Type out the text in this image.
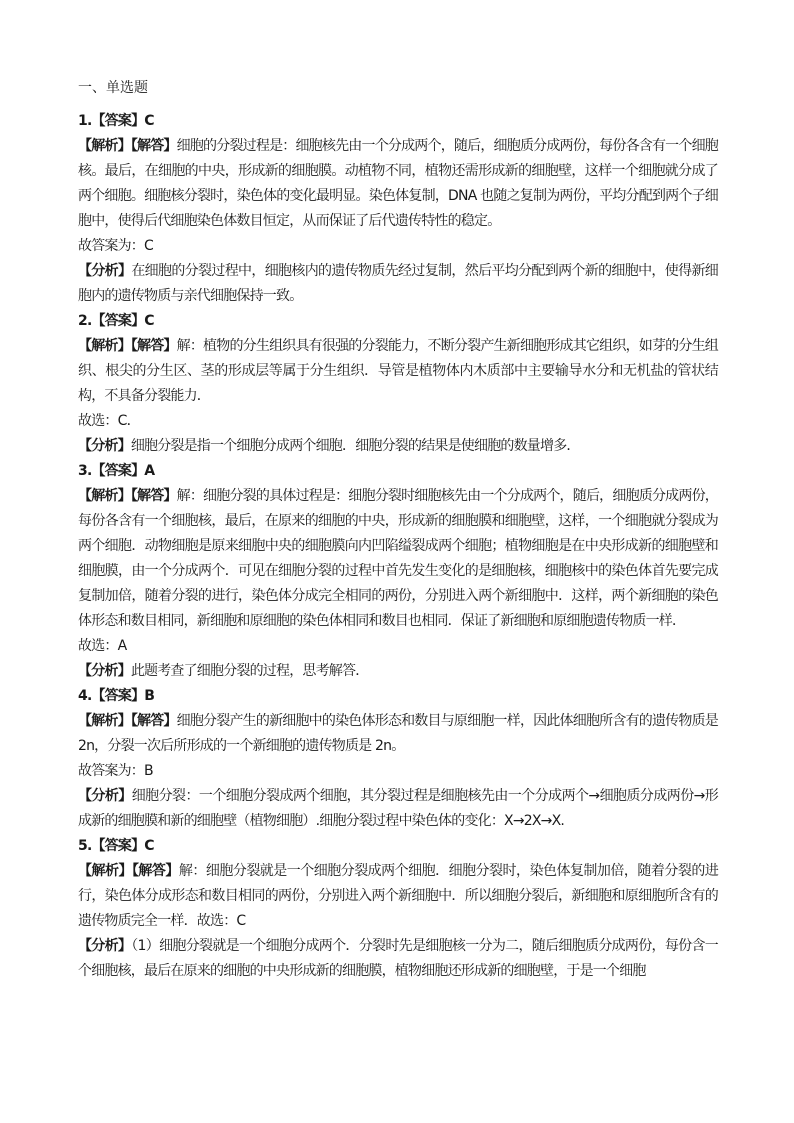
一、单选题
1.【答案】C
【解析】【解答】细胞的分裂过程是：细胞核先由一个分成两个，随后，细胞质分成两份，每份各含有一个细胞核。最后，在细胞的中央，形成新的细胞膜。动植物不同，植物还需形成新的细胞壁，这样一个细胞就分成了两个细胞。细胞核分裂时，染色体的变化最明显。染色体复制，DNA 也随之复制为两份，平均分配到两个子细胞中，使得后代细胞染色体数目恒定，从而保证了后代遗传特性的稳定。
故答案为：C
【分析】在细胞的分裂过程中，细胞核内的遗传物质先经过复制，然后平均分配到两个新的细胞中，使得新细胞内的遗传物质与亲代细胞保持一致。
2.【答案】C
【解析】【解答】解：植物的分生组织具有很强的分裂能力，不断分裂产生新细胞形成其它组织，如芽的分生组织、根尖的分生区、茎的形成层等属于分生组织．导管是植物体内木质部中主要输导水分和无机盐的管状结构，不具备分裂能力．
故选：C．
【分析】细胞分裂是指一个细胞分成两个细胞．细胞分裂的结果是使细胞的数量增多．
3.【答案】A
【解析】【解答】解：细胞分裂的具体过程是：细胞分裂时细胞核先由一个分成两个，随后，细胞质分成两份，每份各含有一个细胞核，最后，在原来的细胞的中央，形成新的细胞膜和细胞壁，这样，一个细胞就分裂成为两个细胞．动物细胞是原来细胞中央的细胞膜向内凹陷缢裂成两个细胞；植物细胞是在中央形成新的细胞壁和细胞膜，由一个分成两个．可见在细胞分裂的过程中首先发生变化的是细胞核，细胞核中的染色体首先要完成复制加倍，随着分裂的进行，染色体分成完全相同的两份，分别进入两个新细胞中．这样，两个新细胞的染色体形态和数目相同，新细胞和原细胞的染色体相同和数目也相同．保证了新细胞和原细胞遗传物质一样．
故选：A
【分析】此题考查了细胞分裂的过程，思考解答．
4.【答案】B
【解析】【解答】细胞分裂产生的新细胞中的染色体形态和数目与原细胞一样，因此体细胞所含有的遗传物质是 2n，分裂一次后所形成的一个新细胞的遗传物质是 2n。
故答案为：B
【分析】细胞分裂：一个细胞分裂成两个细胞，其分裂过程是细胞核先由一个分成两个→细胞质分成两份→形成新的细胞膜和新的细胞壁（植物细胞）.细胞分裂过程中染色体的变化：X→2X→X.
5.【答案】C
【解析】【解答】解：细胞分裂就是一个细胞分裂成两个细胞．细胞分裂时，染色体复制加倍，随着分裂的进行，染色体分成形态和数目相同的两份，分别进入两个新细胞中．所以细胞分裂后，新细胞和原细胞所含有的遗传物质完全一样．故选：C
【分析】（1）细胞分裂就是一个细胞分成两个．分裂时先是细胞核一分为二，随后细胞质分成两份，每份含一个细胞核，最后在原来的细胞的中央形成新的细胞膜，植物细胞还形成新的细胞壁，于是一个细胞
